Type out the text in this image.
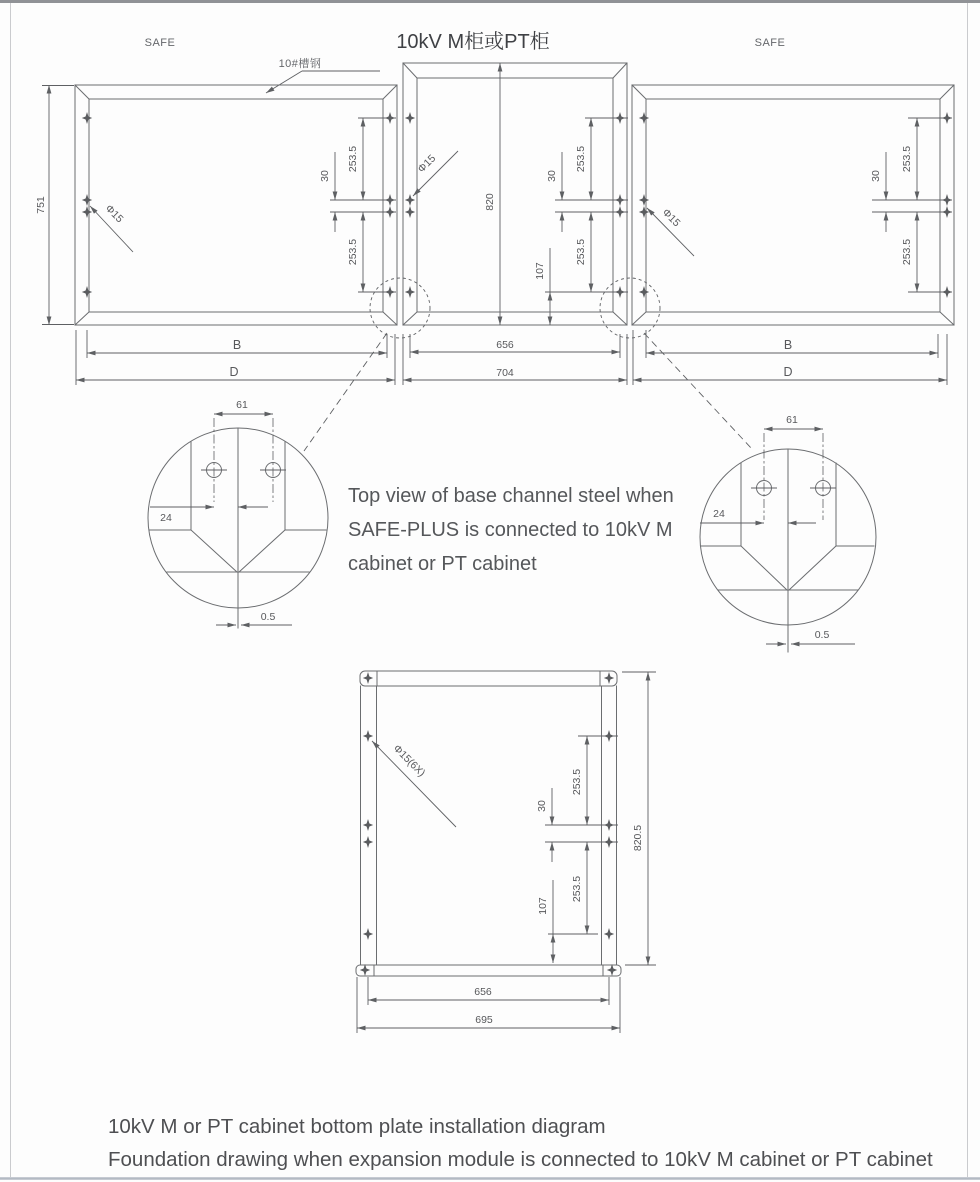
SAFE	10kV M柜或PT柜	SAFE
10#槽钢
Φ15
751
253.5
30
253.5
B
D
Φ15
820
253.5
30
253.5
107
656
704
Φ15
253.5
30
253.5
B
D
61
24
0.5
61
24
0.5
Top view of base channel steel when
SAFE-PLUS is connected to 10kV M
cabinet or PT cabinet
Φ15(6X)
253.5
30
253.5
107
820.5
656
695
10kV M or PT cabinet bottom plate installation diagram
Foundation drawing when expansion module is connected to 10kV M cabinet or PT cabinet
